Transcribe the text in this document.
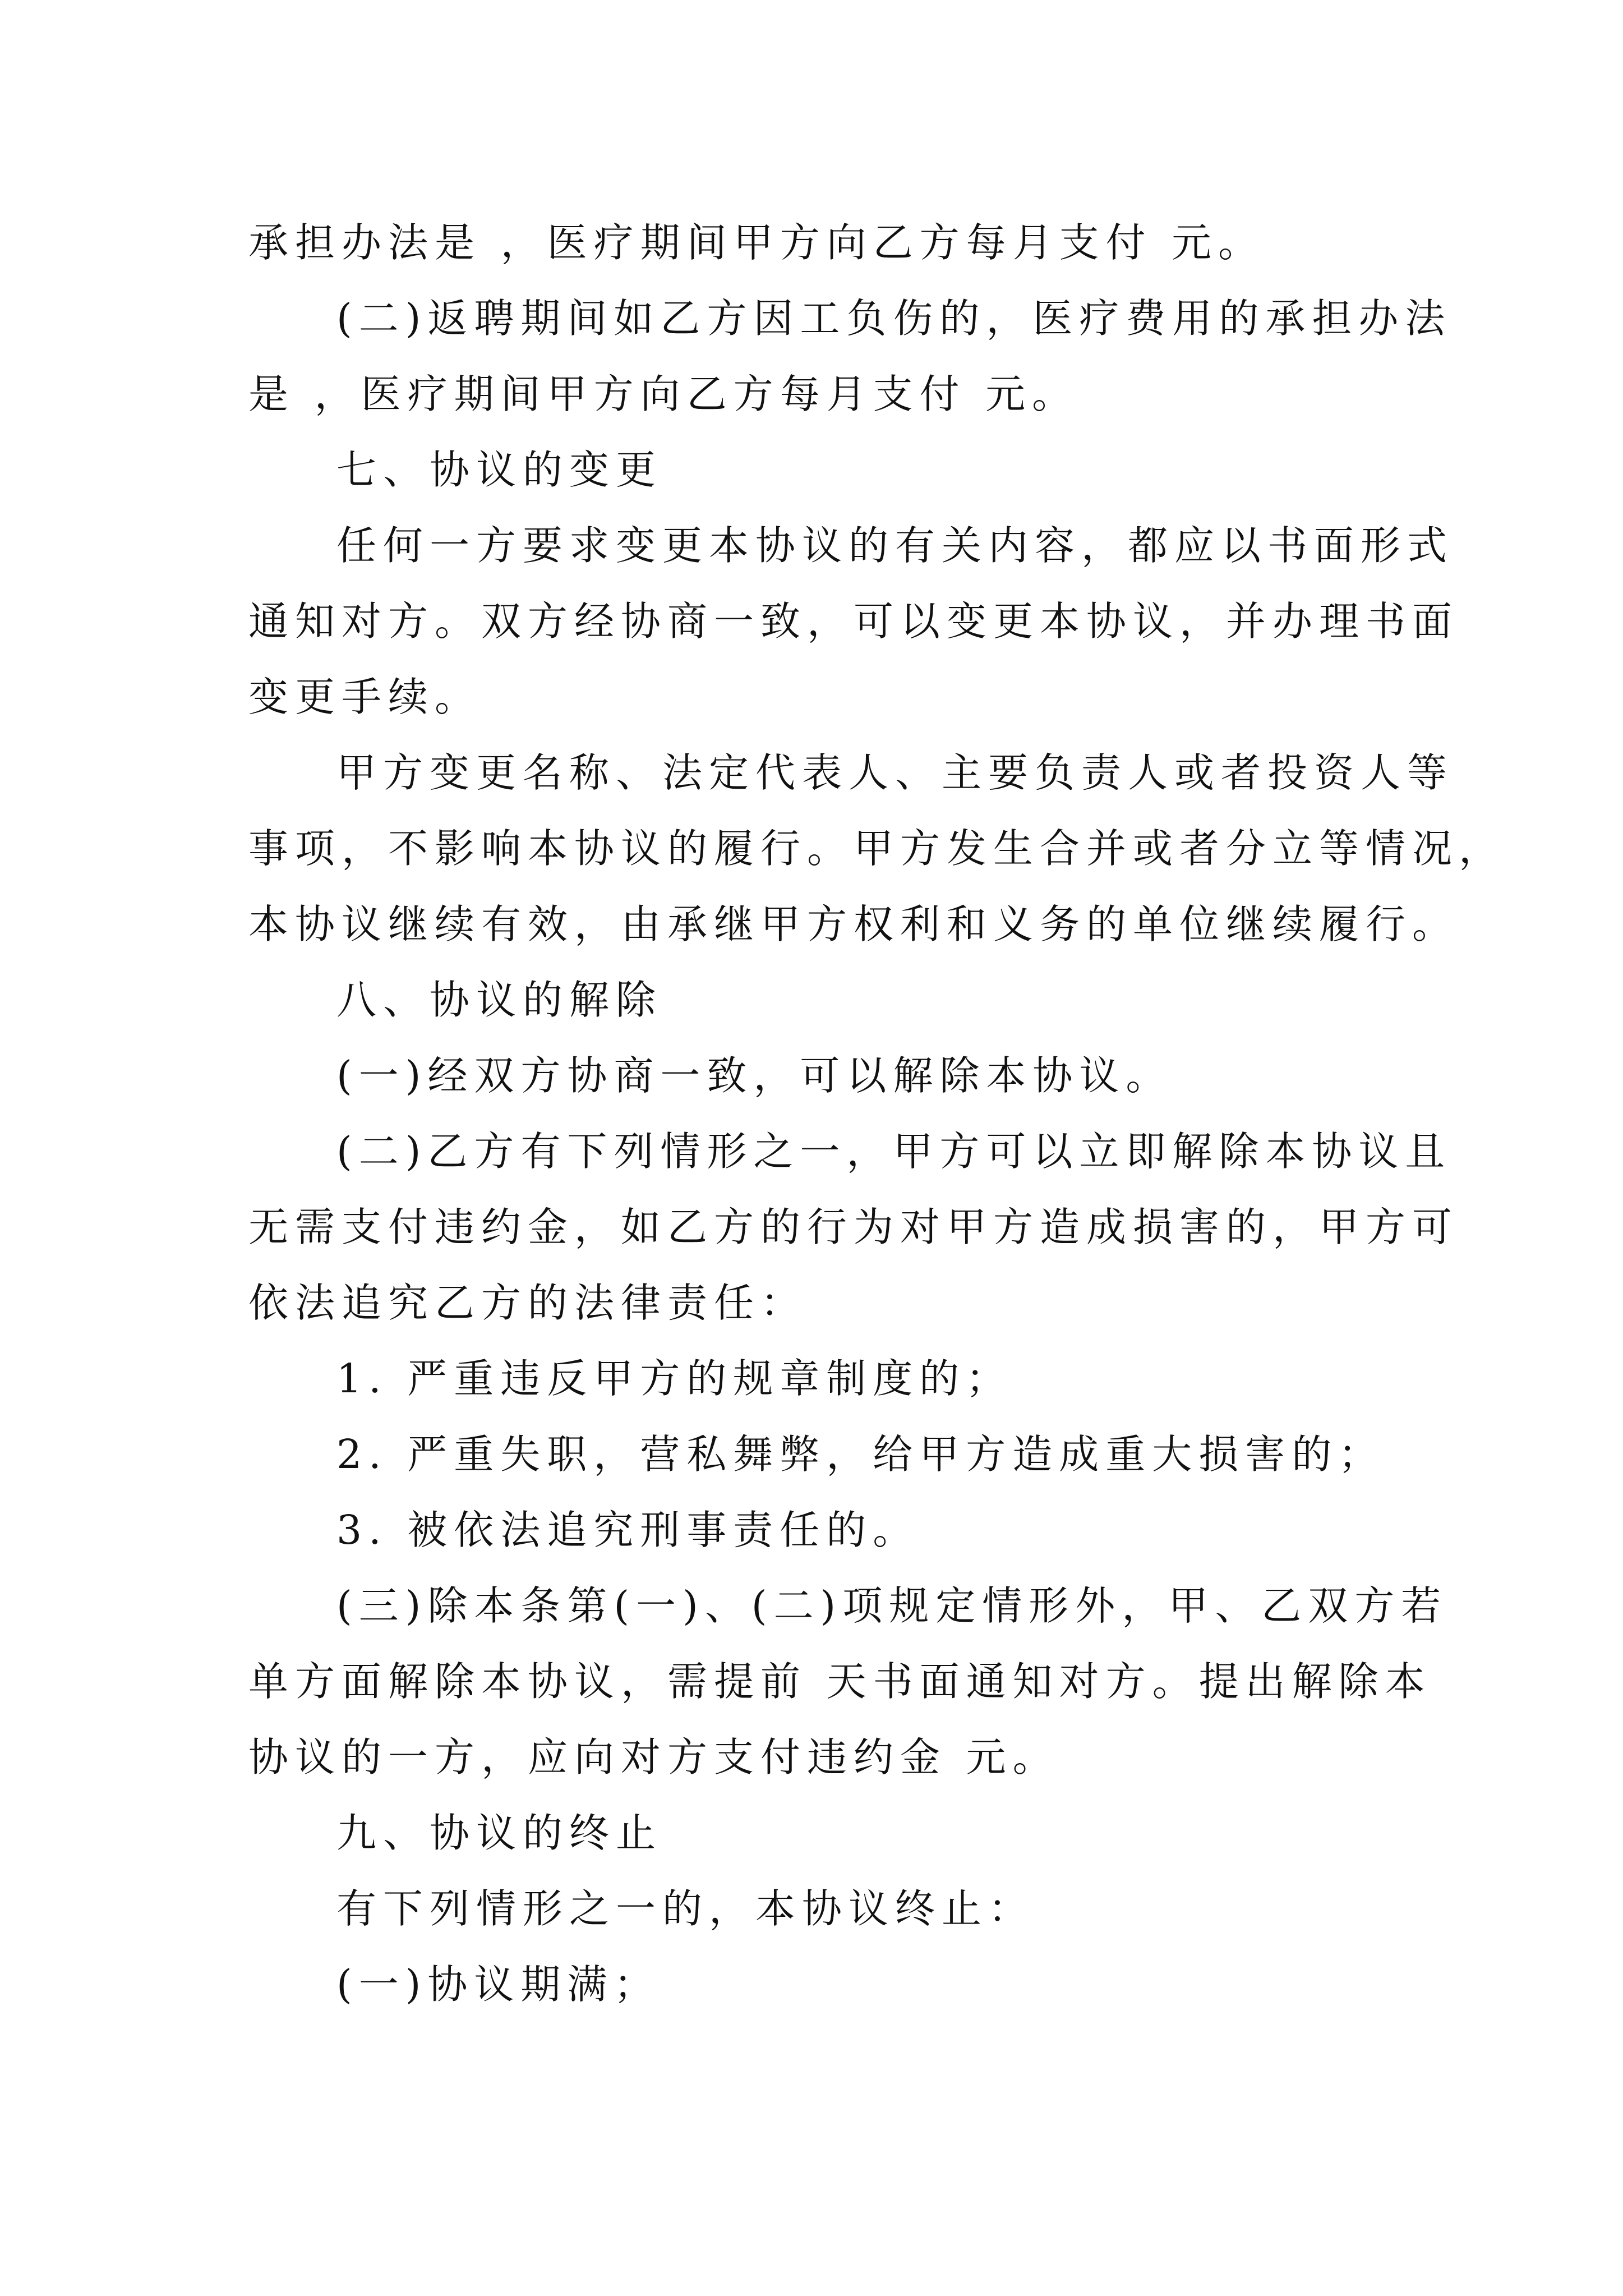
承担办法是 ，医疗期间甲方向乙方每月支付 元。
(二)返聘期间如乙方因工负伤的，医疗费用的承担办法
是 ，医疗期间甲方向乙方每月支付 元。
七、协议的变更
任何一方要求变更本协议的有关内容，都应以书面形式
通知对方。双方经协商一致，可以变更本协议，并办理书面
变更手续。
甲方变更名称、法定代表人、主要负责人或者投资人等
事项，不影响本协议的履行。甲方发生合并或者分立等情况，
本协议继续有效，由承继甲方权利和义务的单位继续履行。
八、协议的解除
(一)经双方协商一致，可以解除本协议。
(二)乙方有下列情形之一，甲方可以立即解除本协议且
无需支付违约金，如乙方的行为对甲方造成损害的，甲方可
依法追究乙方的法律责任：
1. 严重违反甲方的规章制度的；
2. 严重失职，营私舞弊，给甲方造成重大损害的；
3. 被依法追究刑事责任的。
(三)除本条第(一)、(二)项规定情形外，甲、乙双方若
单方面解除本协议，需提前 天书面通知对方。提出解除本
协议的一方，应向对方支付违约金 元。
九、协议的终止
有下列情形之一的，本协议终止：
(一)协议期满；
